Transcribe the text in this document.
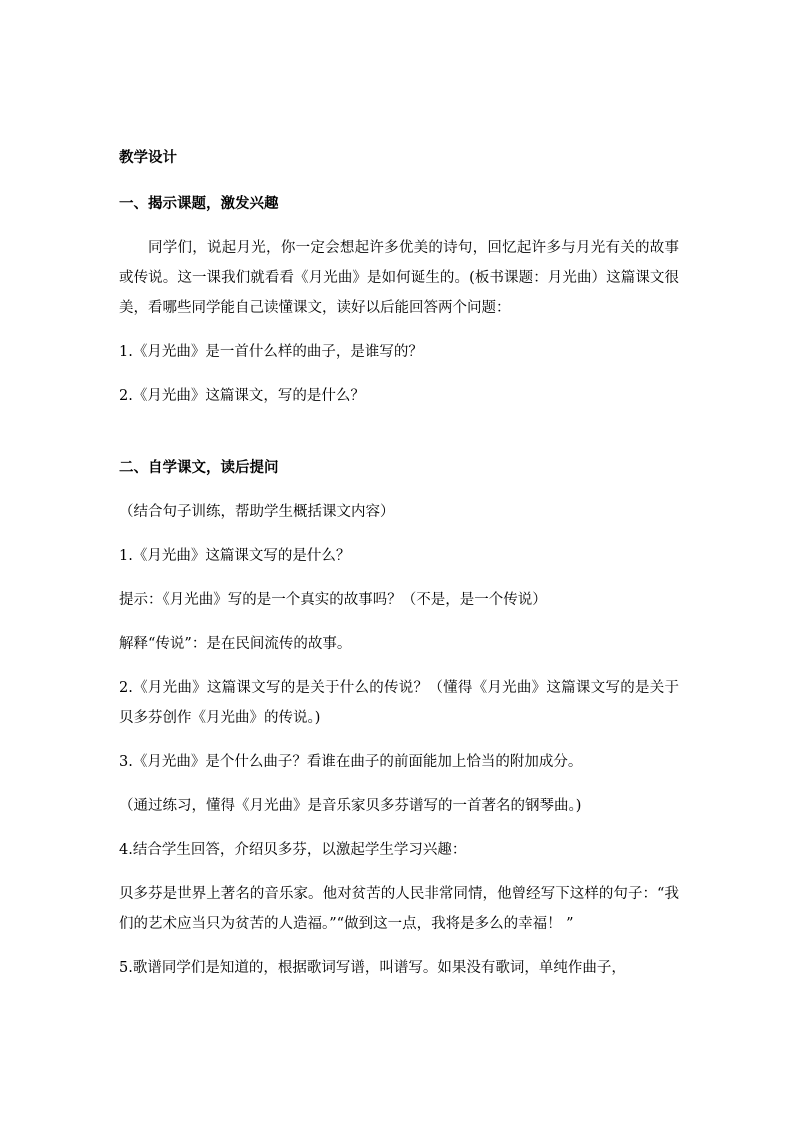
教学设计
一、揭示课题，激发兴趣
同学们，说起月光，你一定会想起许多优美的诗句，回忆起许多与月光有关的故事或传说。这一课我们就看看《月光曲》是如何诞生的。(板书课题：月光曲）这篇课文很美，看哪些同学能自己读懂课文，读好以后能回答两个问题：
1.《月光曲》是一首什么样的曲子，是谁写的？
2.《月光曲》这篇课文，写的是什么？
二、自学课文，读后提问
（结合句子训练，帮助学生概括课文内容）
1.《月光曲》这篇课文写的是什么？
提示：《月光曲》写的是一个真实的故事吗？（不是，是一个传说）
解释“传说”：是在民间流传的故事。
2.《月光曲》这篇课文写的是关于什么的传说？（懂得《月光曲》这篇课文写的是关于贝多芬创作《月光曲》的传说。)
3.《月光曲》是个什么曲子？看谁在曲子的前面能加上恰当的附加成分。
（通过练习，懂得《月光曲》是音乐家贝多芬谱写的一首著名的钢琴曲。)
4.结合学生回答，介绍贝多芬，以激起学生学习兴趣：
贝多芬是世界上著名的音乐家。他对贫苦的人民非常同情，他曾经写下这样的句子：“我们的艺术应当只为贫苦的人造福。”“做到这一点，我将是多么的幸福！ ”
5.歌谱同学们是知道的，根据歌词写谱，叫谱写。如果没有歌词，单纯作曲子，
